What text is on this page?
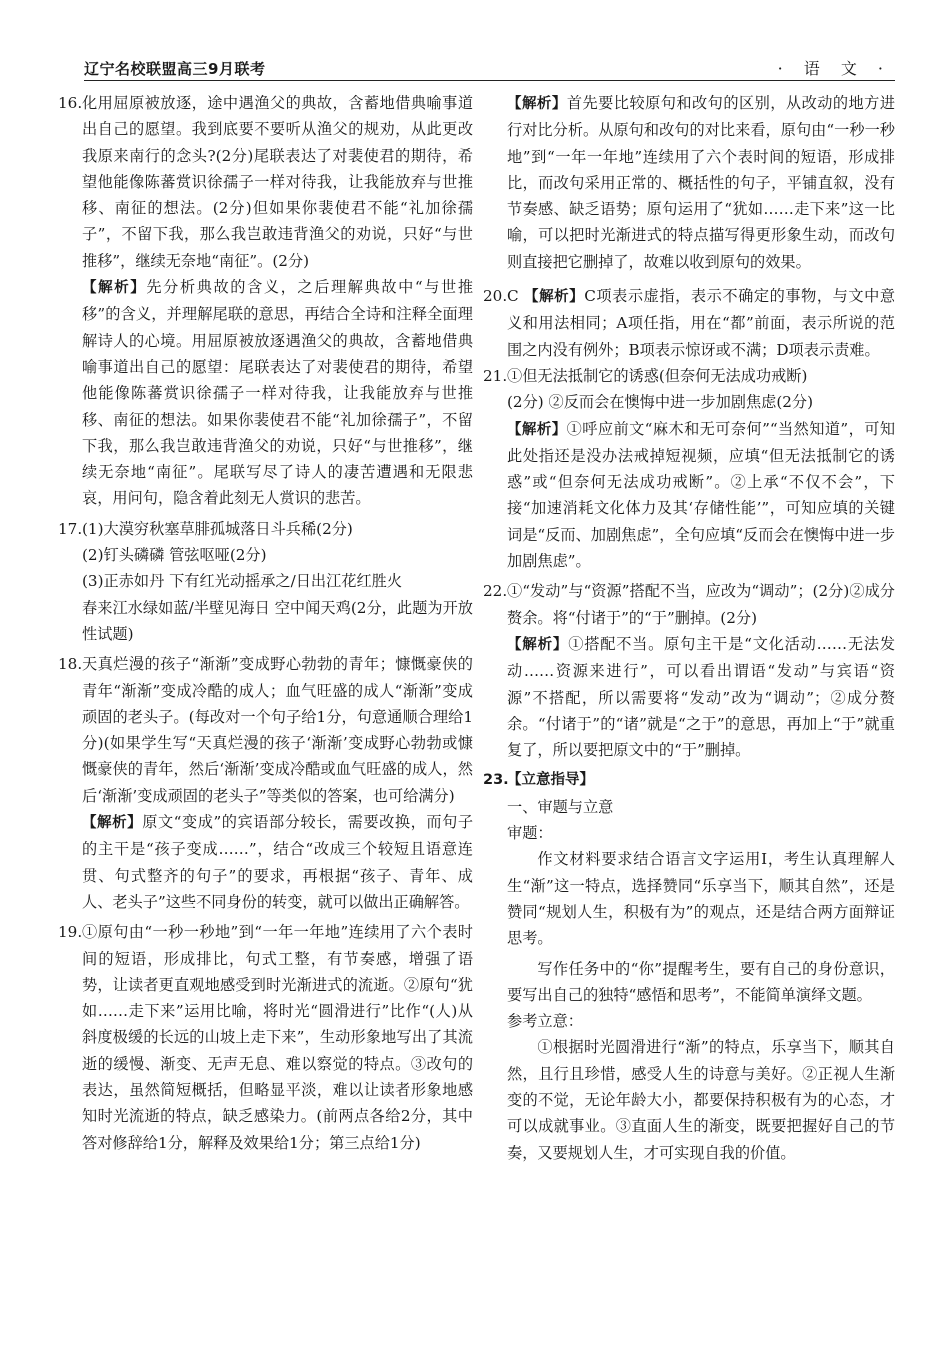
辽宁名校联盟高三9月联考	· 语 文 ·
16. 化用屈原被放逐，途中遇渔父的典故，含蓄地借典喻事道出自己的愿望。我到底要不要听从渔父的规劝，从此更改我原来南行的念头?(2分)尾联表达了对裴使君的期待，希望他能像陈蕃赏识徐孺子一样对待我，让我能放弃与世推移、南征的想法。(2分)但如果你裴使君不能“礼加徐孺子”，不留下我，那么我岂敢违背渔父的劝说，只好“与世推移”，继续无奈地“南征”。(2分)

【解析】先分析典故的含义，之后理解典故中“与世推移”的含义，并理解尾联的意思，再结合全诗和注释全面理解诗人的心境。用屈原被放逐遇渔父的典故，含蓄地借典喻事道出自己的愿望：尾联表达了对裴使君的期待，希望他能像陈蕃赏识徐孺子一样对待我，让我能放弃与世推移、南征的想法。如果你裴使君不能“礼加徐孺子”，不留下我，那么我岂敢违背渔父的劝说，只好“与世推移”，继续无奈地“南征”。尾联写尽了诗人的凄苦遭遇和无限悲哀，用问句，隐含着此刻无人赏识的悲苦。

17. (1)大漠穷秋塞草腓孤城落日斗兵稀(2分)
(2)钉头磷磷 管弦呕哑(2分)
(3)正赤如丹 下有红光动摇承之/日出江花红胜火
春来江水绿如蓝/半壁见海日 空中闻天鸡(2分，此题为开放性试题)
18. 天真烂漫的孩子“渐渐”变成野心勃勃的青年；慷慨豪侠的青年“渐渐”变成冷酷的成人；血气旺盛的成人“渐渐”变成顽固的老头子。(每改对一个句子给1分，句意通顺合理给1分)(如果学生写“天真烂漫的孩子‘渐渐’变成野心勃勃或慷慨豪侠的青年，然后‘渐渐’变成冷酷或血气旺盛的成人，然后‘渐渐’变成顽固的老头子”等类似的答案，也可给满分)

【解析】原文“变成”的宾语部分较长，需要改换，而句子的主干是“孩子变成……”，结合“改成三个较短且语意连贯、句式整齐的句子”的要求，再根据“孩子、青年、成人、老头子”这些不同身份的转变，就可以做出正确解答。

19. ①原句由“一秒一秒地”到“一年一年地”连续用了六个表时间的短语，形成排比，句式工整，有节奏感，增强了语势，让读者更直观地感受到时光渐进式的流逝。②原句“犹如……走下来”运用比喻，将时光“圆滑进行”比作“(人)从斜度极缓的长远的山坡上走下来”，生动形象地写出了其流逝的缓慢、渐变、无声无息、难以察觉的特点。③改句的表达，虽然简短概括，但略显平淡，难以让读者形象地感知时光流逝的特点，缺乏感染力。(前两点各给2分，其中答对修辞给1分，解释及效果给1分；第三点给1分)

【解析】首先要比较原句和改句的区别，从改动的地方进行对比分析。从原句和改句的对比来看，原句由“一秒一秒地”到“一年一年地”连续用了六个表时间的短语，形成排比，而改句采用正常的、概括性的句子，平铺直叙，没有节奏感、缺乏语势；原句运用了“犹如……走下来”这一比喻，可以把时光渐进式的特点描写得更形象生动，而改句则直接把它删掉了，故难以收到原句的效果。

20. C 【解析】C项表示虚指，表示不确定的事物，与文中意义和用法相同；A项任指，用在“都”前面，表示所说的范围之内没有例外；B项表示惊讶或不满；D项表示责难。

21. ①但无法抵制它的诱惑(但奈何无法成功戒断)
(2分) ②反而会在懊悔中进一步加剧焦虑(2分)

【解析】①呼应前文“麻木和无可奈何”“当然知道”，可知此处指还是没办法戒掉短视频，应填“但无法抵制它的诱惑”或“但奈何无法成功戒断”。②上承“不仅不会”，下接“加速消耗文化体力及其‘存储性能’”，可知应填的关键词是“反而、加剧焦虑”，全句应填“反而会在懊悔中进一步加剧焦虑”。

22. ①“发动”与“资源”搭配不当，应改为“调动”；(2分)②成分赘余。将“付诸于”的“于”删掉。(2分)

【解析】①搭配不当。原句主干是“文化活动……无法发动……资源来进行”，可以看出谓语“发动”与宾语“资源”不搭配，所以需要将“发动”改为“调动”；②成分赘余。“付诸于”的“诸”就是“之于”的意思，再加上“于”就重复了，所以要把原文中的“于”删掉。

23.
【立意指导】
一、审题与立意
审题：

作文材料要求结合语言文字运用Ⅰ，考生认真理解人生“渐”这一特点，选择赞同“乐享当下，顺其自然”，还是赞同“规划人生，积极有为”的观点，还是结合两方面辩证思考。

写作任务中的“你”提醒考生，要有自己的身份意识，要写出自己的独特“感悟和思考”，不能简单演绎文题。

参考立意：

①根据时光圆滑进行“渐”的特点，乐享当下，顺其自然，且行且珍惜，感受人生的诗意与美好。②正视人生渐变的不觉，无论年龄大小，都要保持积极有为的心态，才可以成就事业。③直面人生的渐变，既要把握好自己的节奏，又要规划人生，才可实现自我的价值。
